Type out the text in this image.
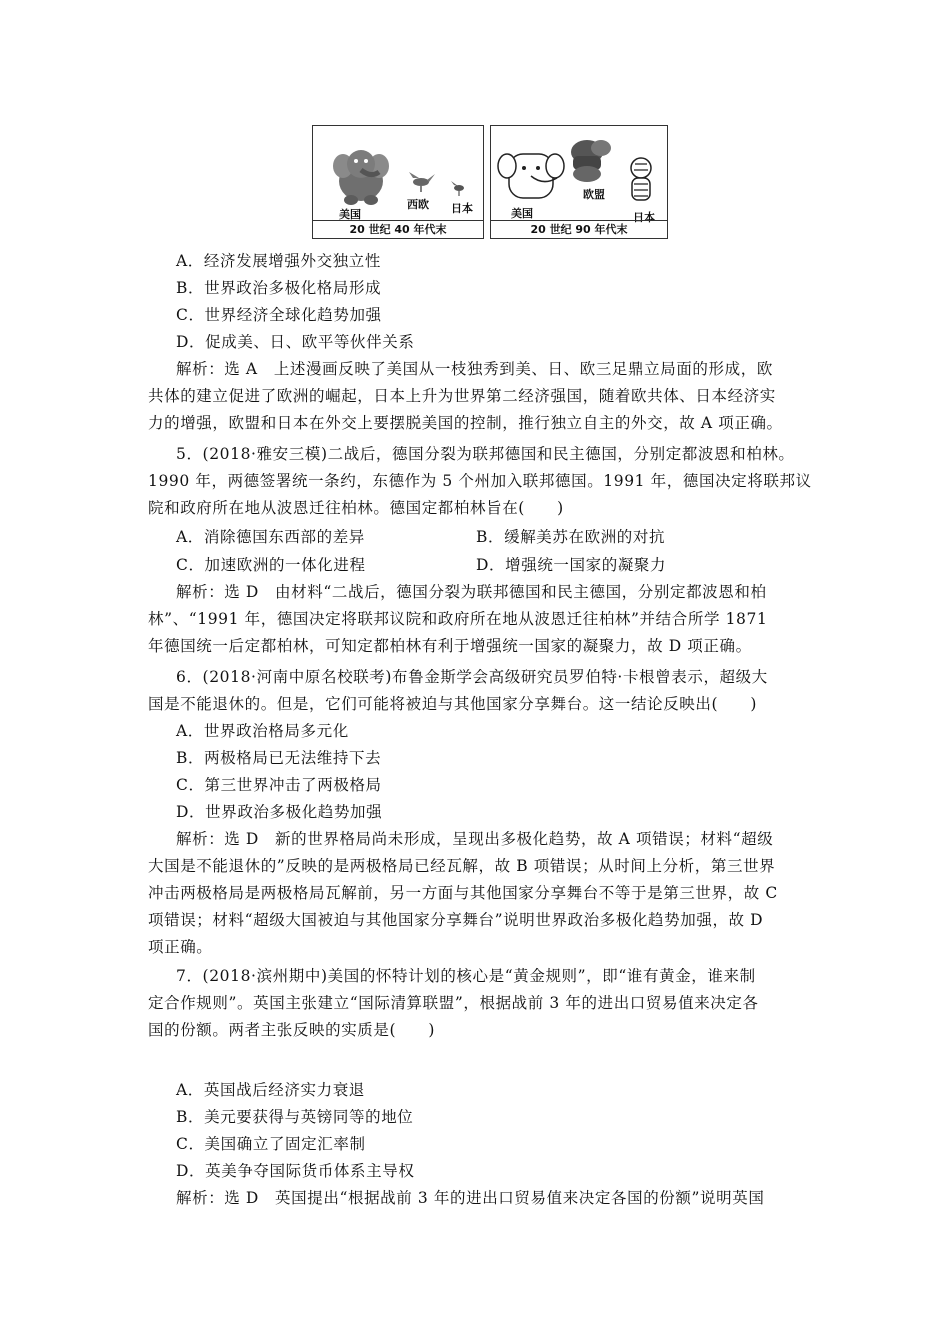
美国
西欧 日本
20 世纪 40 年代末
美国
欧盟
日本
20 世纪 90 年代末
A．经济发展增强外交独立性
B．世界政治多极化格局形成
C．世界经济全球化趋势加强
D．促成美、日、欧平等伙伴关系
解析：选 A　上述漫画反映了美国从一枝独秀到美、日、欧三足鼎立局面的形成，欧
共体的建立促进了欧洲的崛起，日本上升为世界第二经济强国，随着欧共体、日本经济实
力的增强，欧盟和日本在外交上要摆脱美国的控制，推行独立自主的外交，故 A 项正确。
5．(2018·雅安三模)二战后，德国分裂为联邦德国和民主德国，分别定都波恩和柏林。
1990 年，两德签署统一条约，东德作为 5 个州加入联邦德国。1991 年，德国决定将联邦议
院和政府所在地从波恩迁往柏林。德国定都柏林旨在(　　)
A．消除德国东西部的差异	B．缓解美苏在欧洲的对抗
C．加速欧洲的一体化进程	D．增强统一国家的凝聚力
解析：选 D　由材料“二战后，德国分裂为联邦德国和民主德国，分别定都波恩和柏
林”、“1991 年，德国决定将联邦议院和政府所在地从波恩迁往柏林”并结合所学 1871
年德国统一后定都柏林，可知定都柏林有利于增强统一国家的凝聚力，故 D 项正确。
6．(2018·河南中原名校联考)布鲁金斯学会高级研究员罗伯特·卡根曾表示，超级大
国是不能退休的。但是，它们可能将被迫与其他国家分享舞台。这一结论反映出(　　)
A．世界政治格局多元化
B．两极格局已无法维持下去
C．第三世界冲击了两极格局
D．世界政治多极化趋势加强
解析：选 D　新的世界格局尚未形成，呈现出多极化趋势，故 A 项错误；材料“超级
大国是不能退休的”反映的是两极格局已经瓦解，故 B 项错误；从时间上分析，第三世界
冲击两极格局是两极格局瓦解前，另一方面与其他国家分享舞台不等于是第三世界，故 C
项错误；材料“超级大国被迫与其他国家分享舞台”说明世界政治多极化趋势加强，故 D
项正确。
7．(2018·滨州期中)美国的怀特计划的核心是“黄金规则”，即“谁有黄金，谁来制
定合作规则”。英国主张建立“国际清算联盟”，根据战前 3 年的进出口贸易值来决定各
国的份额。两者主张反映的实质是(　　)
A．英国战后经济实力衰退
B．美元要获得与英镑同等的地位
C．美国确立了固定汇率制
D．英美争夺国际货币体系主导权
解析：选 D　英国提出“根据战前 3 年的进出口贸易值来决定各国的份额”说明英国
